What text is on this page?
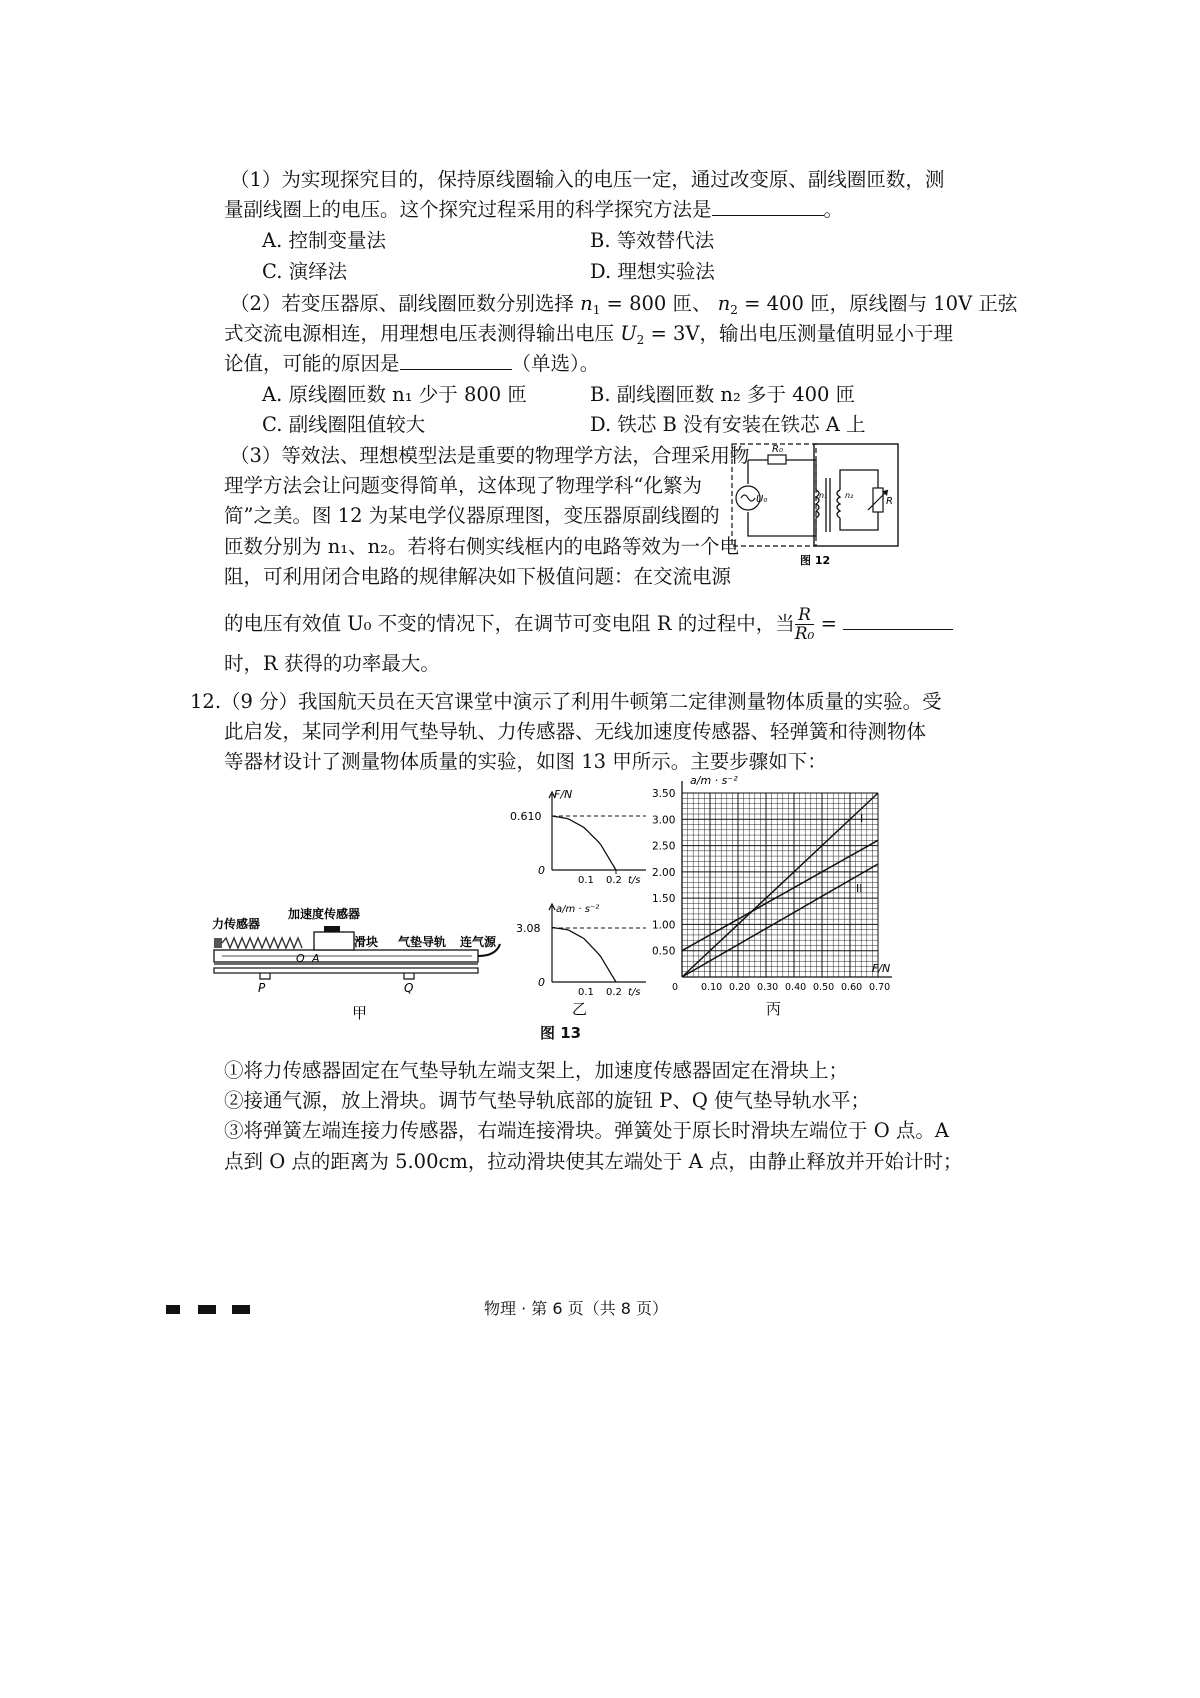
（1）为实现探究目的，保持原线圈输入的电压一定，通过改变原、副线圈匝数，测
量副线圈上的电压。这个探究过程采用的科学探究方法是	。
A. 控制变量法	B. 等效替代法
C. 演绎法	D. 理想实验法
（2）若变压器原、副线圈匝数分别选择 $n_1 = 800$ 匝、 $n_2 = 400$ 匝，原线圈与 10V 正弦
式交流电源相连，用理想电压表测得输出电压 $U_2 = 3V$，输出电压测量值明显小于理
论值，可能的原因是	（单选）。
A. 原线圈匝数 n₁ 少于 800 匝	B. 副线圈匝数 n₂ 多于 400 匝
C. 副线圈阻值较大	D. 铁芯 B 没有安装在铁芯 A 上
（3）等效法、理想模型法是重要的物理学方法，合理采用物
理学方法会让问题变得简单，这体现了物理学科“化繁为
简”之美。图 12 为某电学仪器原理图，变压器原副线圈的
匝数分别为 n₁、n₂。若将右侧实线框内的电路等效为一个电
阻，可利用闭合电路的规律解决如下极值问题：在交流电源
的电压有效值 U₀ 不变的情况下，在调节可变电阻 R 的过程中，当 $\frac{R}{\text{R₀}}$ =
时，R 获得的功率最大。
R₀
U₀	n₁ n₂
R
图 12
12.（9 分）我国航天员在天宫课堂中演示了利用牛顿第二定律测量物体质量的实验。受
此启发，某同学利用气垫导轨、力传感器、无线加速度传感器、轻弹簧和待测物体
等器材设计了测量物体质量的实验，如图 13 甲所示。主要步骤如下：
力传感器
加速度传感器
滑块 气垫导轨 连气源
O A
P	Q
甲
F/N
0.610
0
0.1 0.2 t/s
a/m · s⁻²
3.08
0
0.1 0.2 t/s
乙
0 0.10 0.20 0.30 0.40 0.50 0.60 0.70
0.50
1.00
1.50
2.00
2.50
3.00
3.50
a/m · s⁻²
F/N
I
II
丙
图 13
①将力传感器固定在气垫导轨左端支架上，加速度传感器固定在滑块上；
②接通气源，放上滑块。调节气垫导轨底部的旋钮 P、Q 使气垫导轨水平；
③将弹簧左端连接力传感器，右端连接滑块。弹簧处于原长时滑块左端位于 O 点。A
点到 O 点的距离为 5.00cm，拉动滑块使其左端处于 A 点，由静止释放并开始计时；
物理 · 第 6 页（共 8 页）
